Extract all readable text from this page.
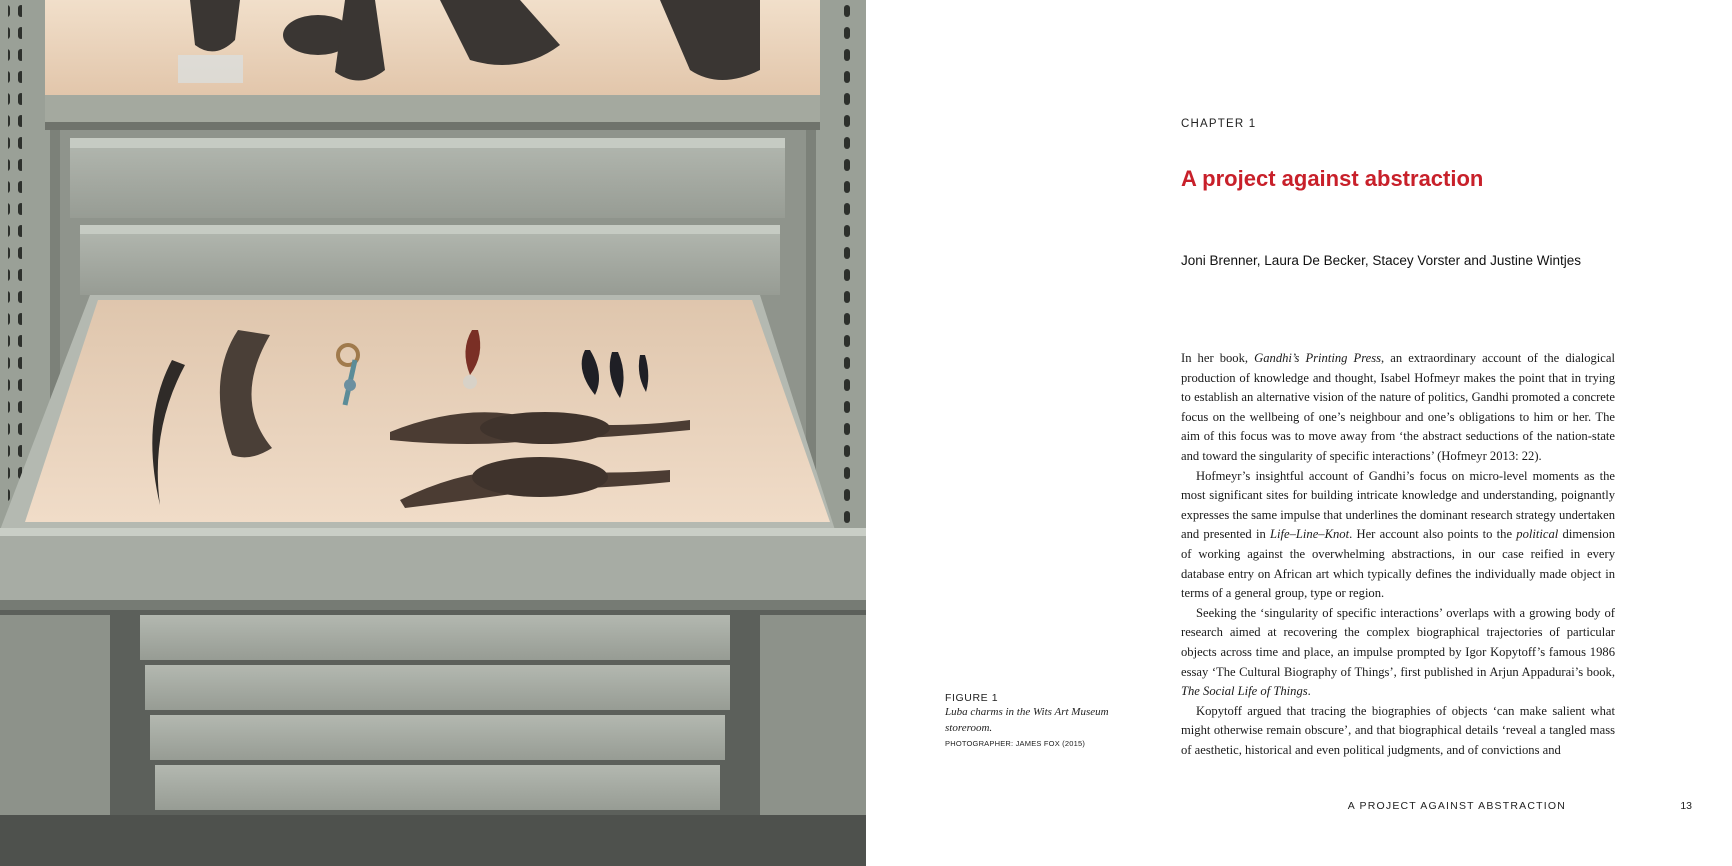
FIGURE 1
Luba charms in the Wits Art Museum storeroom.
PHOTOGRAPHER: JAMES FOX (2015)
CHAPTER 1
A project against abstraction
Joni Brenner, Laura De Becker, Stacey Vorster and Justine Wintjes

In her book, Gandhi’s Printing Press, an extraordinary account of the dialogical production of knowledge and thought, Isabel Hofmeyr makes the point that in trying to establish an alternative vision of the nature of politics, Gandhi promoted a concrete focus on the wellbeing of one’s neighbour and one’s obligations to him or her. The aim of this focus was to move away from ‘the abstract seductions of the nation-state and toward the singularity of specific interactions’ (Hofmeyr 2013: 22).

Hofmeyr’s insightful account of Gandhi’s focus on micro-level moments as the most significant sites for building intricate knowledge and understanding, poignantly expresses the same impulse that underlines the dominant research strategy undertaken and presented in Life–Line–Knot. Her account also points to the political dimension of working against the overwhelming abstractions, in our case reified in every database entry on African art which typically defines the individually made object in terms of a general group, type or region.

Seeking the ‘singularity of specific interactions’ overlaps with a growing body of research aimed at recovering the complex biographical trajectories of particular objects across time and place, an impulse prompted by Igor Kopytoff’s famous 1986 essay ‘The Cultural Biography of Things’, first published in Arjun Appadurai’s book, The Social Life of Things.

Kopytoff argued that tracing the biographies of objects ‘can make salient what might otherwise remain obscure’, and that biographical details ‘reveal a tangled mass of aesthetic, historical and even political judgments, and of convictions and

A PROJECT AGAINST ABSTRACTION	13
